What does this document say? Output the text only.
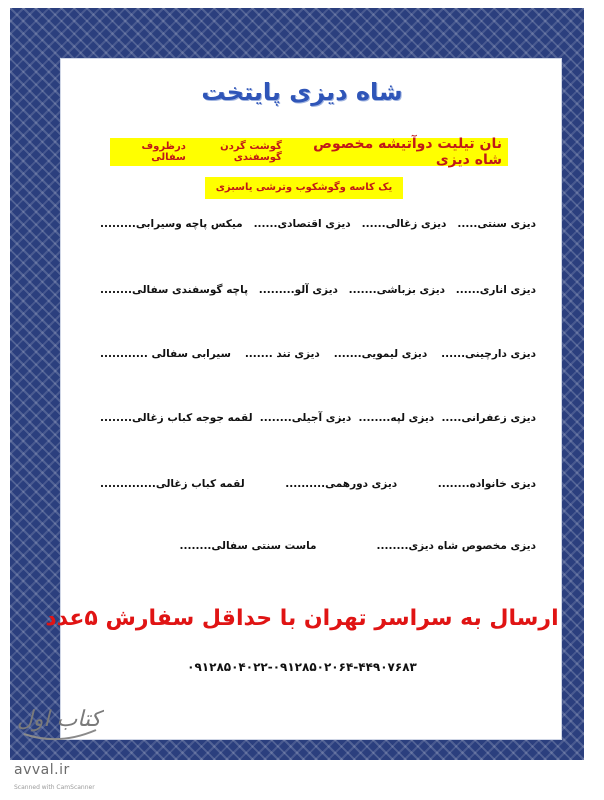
شاه دیزی پایتخت
نان تیلیت دوآتیشه مخصوص شاه دیزی
گوشت گردن گوسفندی
درظروف سفالی
یک کاسه وگوشکوب وترشی یاسبزی
دیزی سنتی.....
دیزی زغالی......
دیزی اقتصادی......
میکس پاچه وسیرابی.........
دیزی اناری......
دیزی بزباشی.......
دیزی آلو.........
پاچه گوسفندی سفالی........
دیزی دارچینی......
دیزی لیمویی.......
دیزی تند .......
سیرابی سفالی ............
دیزی زعفرانی.....
دیزی لپه........
دیزی آجیلی........
لقمه جوجه کباب زغالی........
دیزی خانواده........
دیزی دورهمی..........
لقمه کباب زغالی..............
دیزی مخصوص شاه دیزی........
ماست سنتی سفالی........
ارسال به سراسر تهران با حداقل سفارش ۵عدد
۰۹۱۲۸۵۰۴۰۲۲-۰۹۱۲۸۵۰۲۰۶۴-۴۴۹۰۷۶۸۳
کتاب اول
avval.ir
Scanned with CamScanner
